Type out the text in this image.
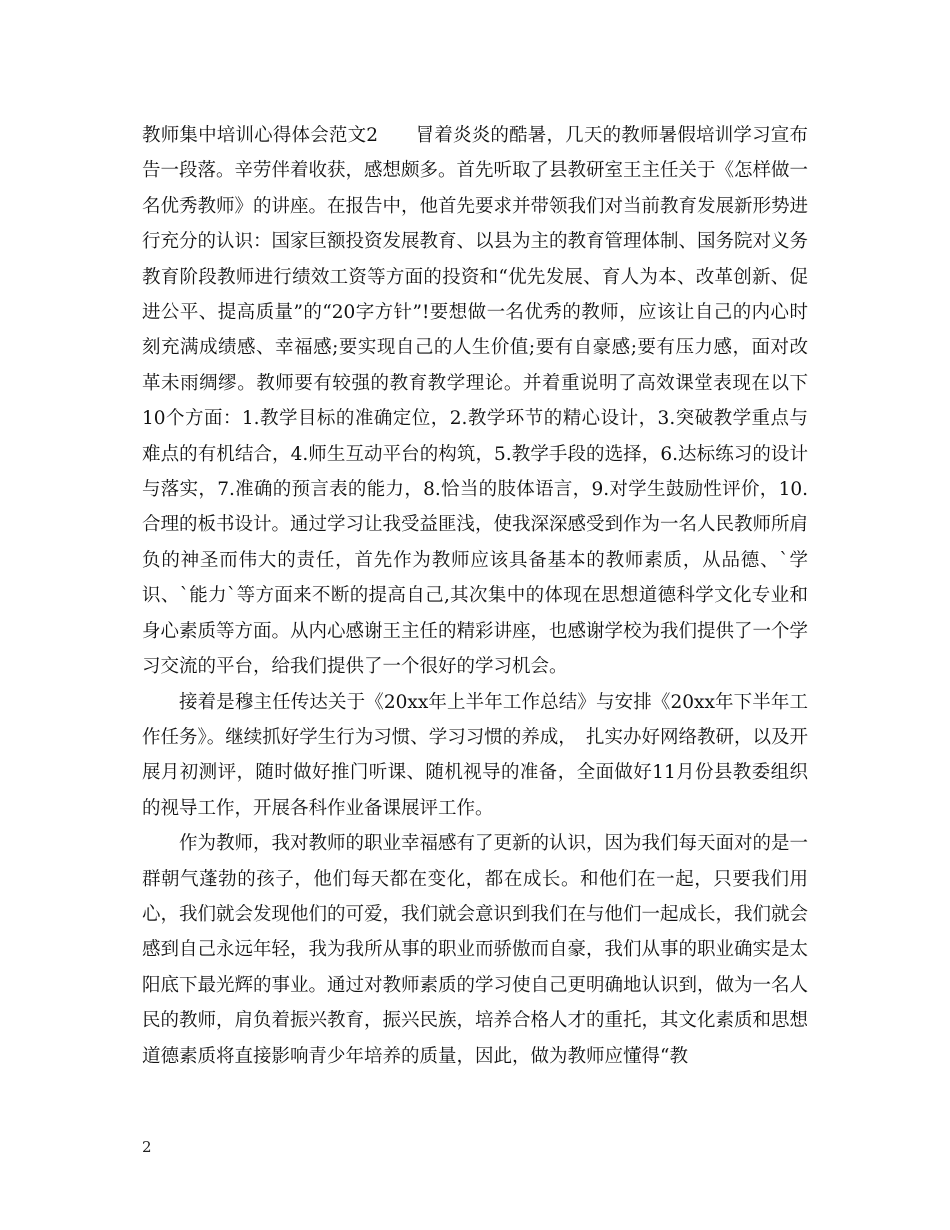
教师集中培训心得体会范文2　　冒着炎炎的酷暑，几天的教师暑假培训学习宣布告一段落。辛劳伴着收获，感想颇多。首先听取了县教研室王主任关于《怎样做一名优秀教师》的讲座。在报告中，他首先要求并带领我们对当前教育发展新形势进行充分的认识：国家巨额投资发展教育、以县为主的教育管理体制、国务院对义务教育阶段教师进行绩效工资等方面的投资和“优先发展、育人为本、改革创新、促进公平、提高质量”的“20字方针”!要想做一名优秀的教师，应该让自己的内心时刻充满成绩感、幸福感;要实现自己的人生价值;要有自豪感;要有压力感，面对改革未雨绸缪。教师要有较强的教育教学理论。并着重说明了高效课堂表现在以下10个方面：1.教学目标的准确定位，2.教学环节的精心设计，3.突破教学重点与难点的有机结合，4.师生互动平台的构筑，5.教学手段的选择，6.达标练习的设计与落实，7.准确的预言表的能力，8.恰当的肢体语言，9.对学生鼓励性评价，10.合理的板书设计。通过学习让我受益匪浅，使我深深感受到作为一名人民教师所肩负的神圣而伟大的责任，首先作为教师应该具备基本的教师素质，从品德、`学识、`能力`等方面来不断的提高自己,其次集中的体现在思想道德科学文化专业和身心素质等方面。从内心感谢王主任的精彩讲座，也感谢学校为我们提供了一个学习交流的平台，给我们提供了一个很好的学习机会。

接着是穆主任传达关于《20xx年上半年工作总结》与安排《20xx年下半年工作任务》。继续抓好学生行为习惯、学习习惯的养成，　扎实办好网络教研，以及开展月初测评，随时做好推门听课、随机视导的准备，全面做好11月份县教委组织的视导工作，开展各科作业备课展评工作。

作为教师，我对教师的职业幸福感有了更新的认识，因为我们每天面对的是一群朝气蓬勃的孩子，他们每天都在变化，都在成长。和他们在一起，只要我们用心，我们就会发现他们的可爱，我们就会意识到我们在与他们一起成长，我们就会感到自己永远年轻，我为我所从事的职业而骄傲而自豪，我们从事的职业确实是太阳底下最光辉的事业。通过对教师素质的学习使自己更明确地认识到，做为一名人民的教师，肩负着振兴教育，振兴民族，培养合格人才的重托，其文化素质和思想道德素质将直接影响青少年培养的质量，因此，做为教师应懂得“教

2
